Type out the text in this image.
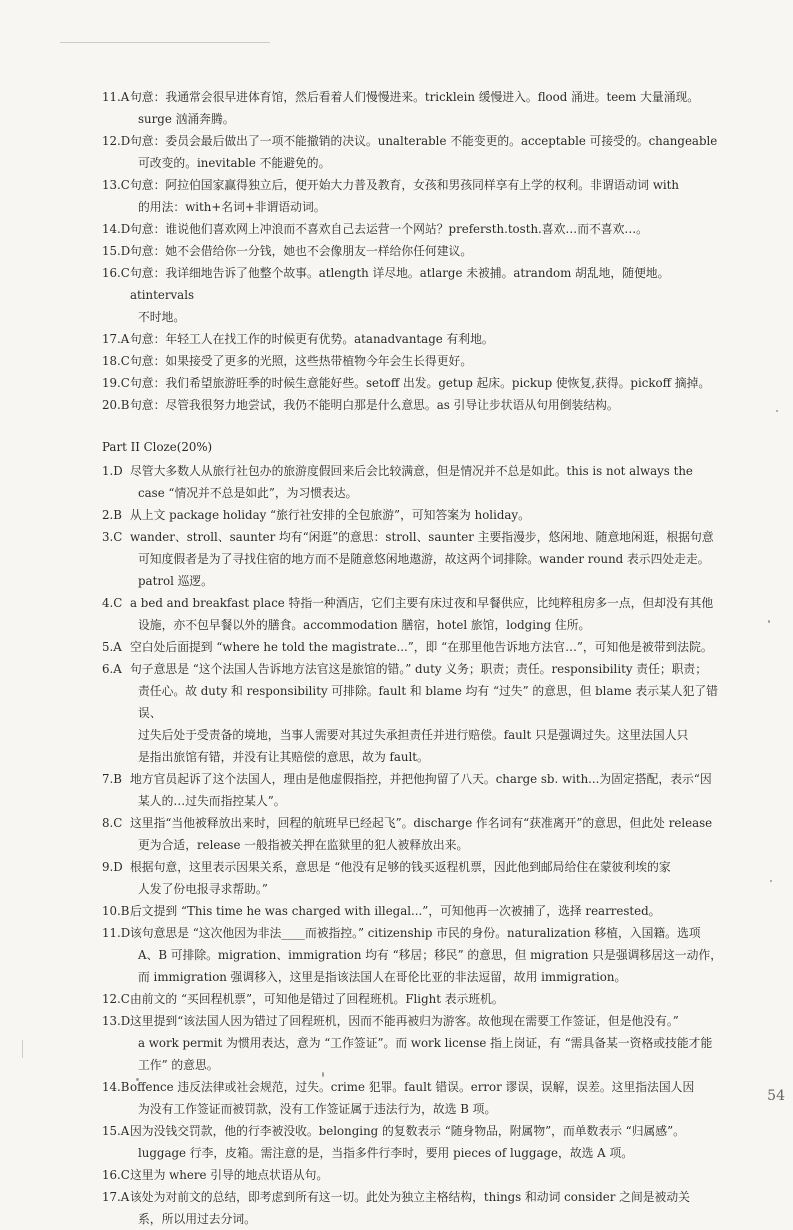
11.A 句意：我通常会很早进体育馆，然后看着人们慢慢进来。tricklein 缓慢进入。flood 涌进。teem 大量涌现。
surge 汹涌奔腾。
12.D 句意：委员会最后做出了一项不能撤销的决议。unalterable 不能变更的。acceptable 可接受的。changeable
可改变的。inevitable 不能避免的。
13.C 句意：阿拉伯国家赢得独立后，便开始大力普及教育，女孩和男孩同样享有上学的权利。非谓语动词 with
的用法：with+名词+非谓语动词。
14.D 句意：谁说他们喜欢网上冲浪而不喜欢自己去运营一个网站？prefersth.tosth.喜欢…而不喜欢…。
15.D 句意：她不会借给你一分钱，她也不会像朋友一样给你任何建议。
16.C 句意：我详细地告诉了他整个故事。atlength 详尽地。atlarge 未被捕。atrandom 胡乱地，随便地。atintervals
不时地。
17.A 句意：年轻工人在找工作的时候更有优势。atanadvantage 有利地。
18.C 句意：如果接受了更多的光照，这些热带植物今年会生长得更好。
19.C 句意：我们希望旅游旺季的时候生意能好些。setoff 出发。getup 起床。pickup 使恢复,获得。pickoff 摘掉。
20.B 句意：尽管我很努力地尝试，我仍不能明白那是什么意思。as 引导让步状语从句用倒装结构。
Part II Cloze(20%)
1.D 尽管大多数人从旅行社包办的旅游度假回来后会比较满意，但是情况并不总是如此。this is not always the
case “情况并不总是如此”，为习惯表达。
2.B 从上文 package holiday “旅行社安排的全包旅游”，可知答案为 holiday。
3.C wander、stroll、saunter 均有“闲逛”的意思：stroll、saunter 主要指漫步，悠闲地、随意地闲逛，根据句意
可知度假者是为了寻找住宿的地方而不是随意悠闲地遨游，故这两个词排除。wander round 表示四处走走。
patrol 巡逻。
4.C a bed and breakfast place 特指一种酒店，它们主要有床过夜和早餐供应，比纯粹租房多一点，但却没有其他
设施，亦不包早餐以外的膳食。accommodation 膳宿，hotel 旅馆，lodging 住所。
5.A 空白处后面提到 “where he told the magistrate...”，即 “在那里他告诉地方法官…”，可知他是被带到法院。
6.A 句子意思是 “这个法国人告诉地方法官这是旅馆的错。” duty 义务；职责；责任。responsibility 责任；职责；
责任心。故 duty 和 responsibility 可排除。fault 和 blame 均有 “过失” 的意思，但 blame 表示某人犯了错误、
过失后处于受责备的境地，当事人需要对其过失承担责任并进行赔偿。fault 只是强调过失。这里法国人只
是指出旅馆有错，并没有让其赔偿的意思，故为 fault。
7.B 地方官员起诉了这个法国人，理由是他虚假指控，并把他拘留了八天。charge sb. with...为固定搭配，表示“因
某人的…过失而指控某人”。
8.C 这里指“当他被释放出来时，回程的航班早已经起飞”。discharge 作名词有“获准离开”的意思，但此处 release
更为合适，release 一般指被关押在监狱里的犯人被释放出来。
9.D 根据句意，这里表示因果关系，意思是 “他没有足够的钱买返程机票，因此他到邮局给住在蒙彼利埃的家
人发了份电报寻求帮助。”
10.B 后文提到 “This time he was charged with illegal...”，可知他再一次被捕了，选择 rearrested。
11.D 该句意思是 “这次他因为非法____而被指控。” citizenship 市民的身份。naturalization 移植，入国籍。选项
A、B 可排除。migration、immigration 均有 “移居；移民” 的意思，但 migration 只是强调移居这一动作，
而 immigration 强调移入，这里是指该法国人在哥伦比亚的非法逗留，故用 immigration。
12.C 由前文的 “买回程机票”，可知他是错过了回程班机。Flight 表示班机。
13.D 这里提到“该法国人因为错过了回程班机，因而不能再被归为游客。故他现在需要工作签证，但是他没有。”
a work permit 为惯用表达，意为 “工作签证”。而 work license 指上岗证，有 “需具备某一资格或技能才能
工作” 的意思。
14.B offence 违反法律或社会规范，过失。crime 犯罪。fault 错误。error 谬误，误解，误差。这里指法国人因
为没有工作签证而被罚款，没有工作签证属于违法行为，故选 B 项。
15.A 因为没钱交罚款，他的行李被没收。belonging 的复数表示 “随身物品，附属物”，而单数表示 “归属感”。
luggage 行李，皮箱。需注意的是，当指多件行李时，要用 pieces of luggage，故选 A 项。
16.C 这里为 where 引导的地点状语从句。
17.A 该处为对前文的总结，即考虑到所有这一切。此处为独立主格结构，things 和动词 consider 之间是被动关
系，所以用过去分词。
54
